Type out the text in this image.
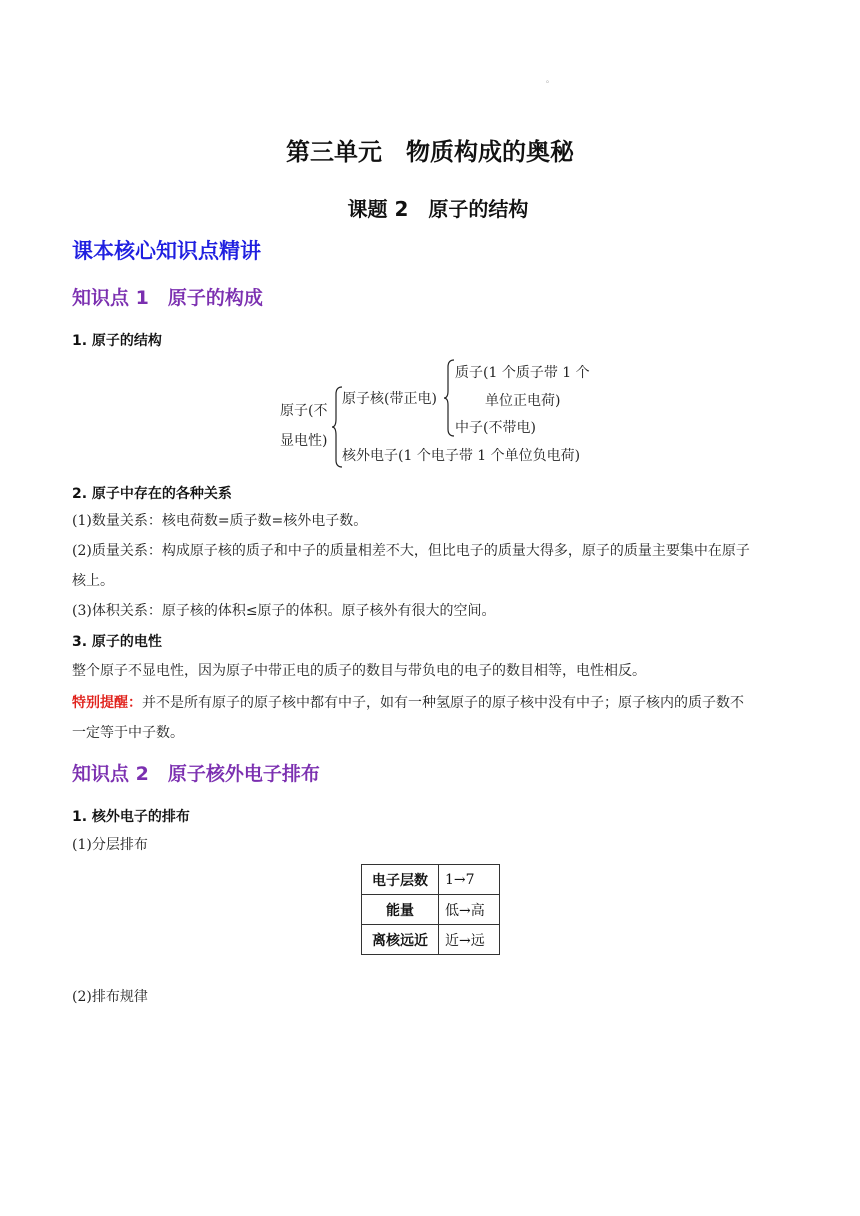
。
第三单元　物质构成的奥秘
课题 2　原子的结构
课本核心知识点精讲
知识点 1　原子的构成
1. 原子的结构
原子(不
显电性)
原子核(带正电)
质子(1 个质子带 1 个
单位正电荷)
中子(不带电)
核外电子(1 个电子带 1 个单位负电荷)
2. 原子中存在的各种关系
(1)数量关系：核电荷数=质子数=核外电子数。
(2)质量关系：构成原子核的质子和中子的质量相差不大，但比电子的质量大得多，原子的质量主要集中在原子
核上。
(3)体积关系：原子核的体积≤原子的体积。原子核外有很大的空间。
3. 原子的电性
整个原子不显电性，因为原子中带正电的质子的数目与带负电的电子的数目相等，电性相反。
特别提醒：并不是所有原子的原子核中都有中子，如有一种氢原子的原子核中没有中子；原子核内的质子数不
一定等于中子数。
知识点 2　原子核外电子排布
1. 核外电子的排布
(1)分层排布
电子层数	1→7
能量	低→高
离核远近	近→远
(2)排布规律
